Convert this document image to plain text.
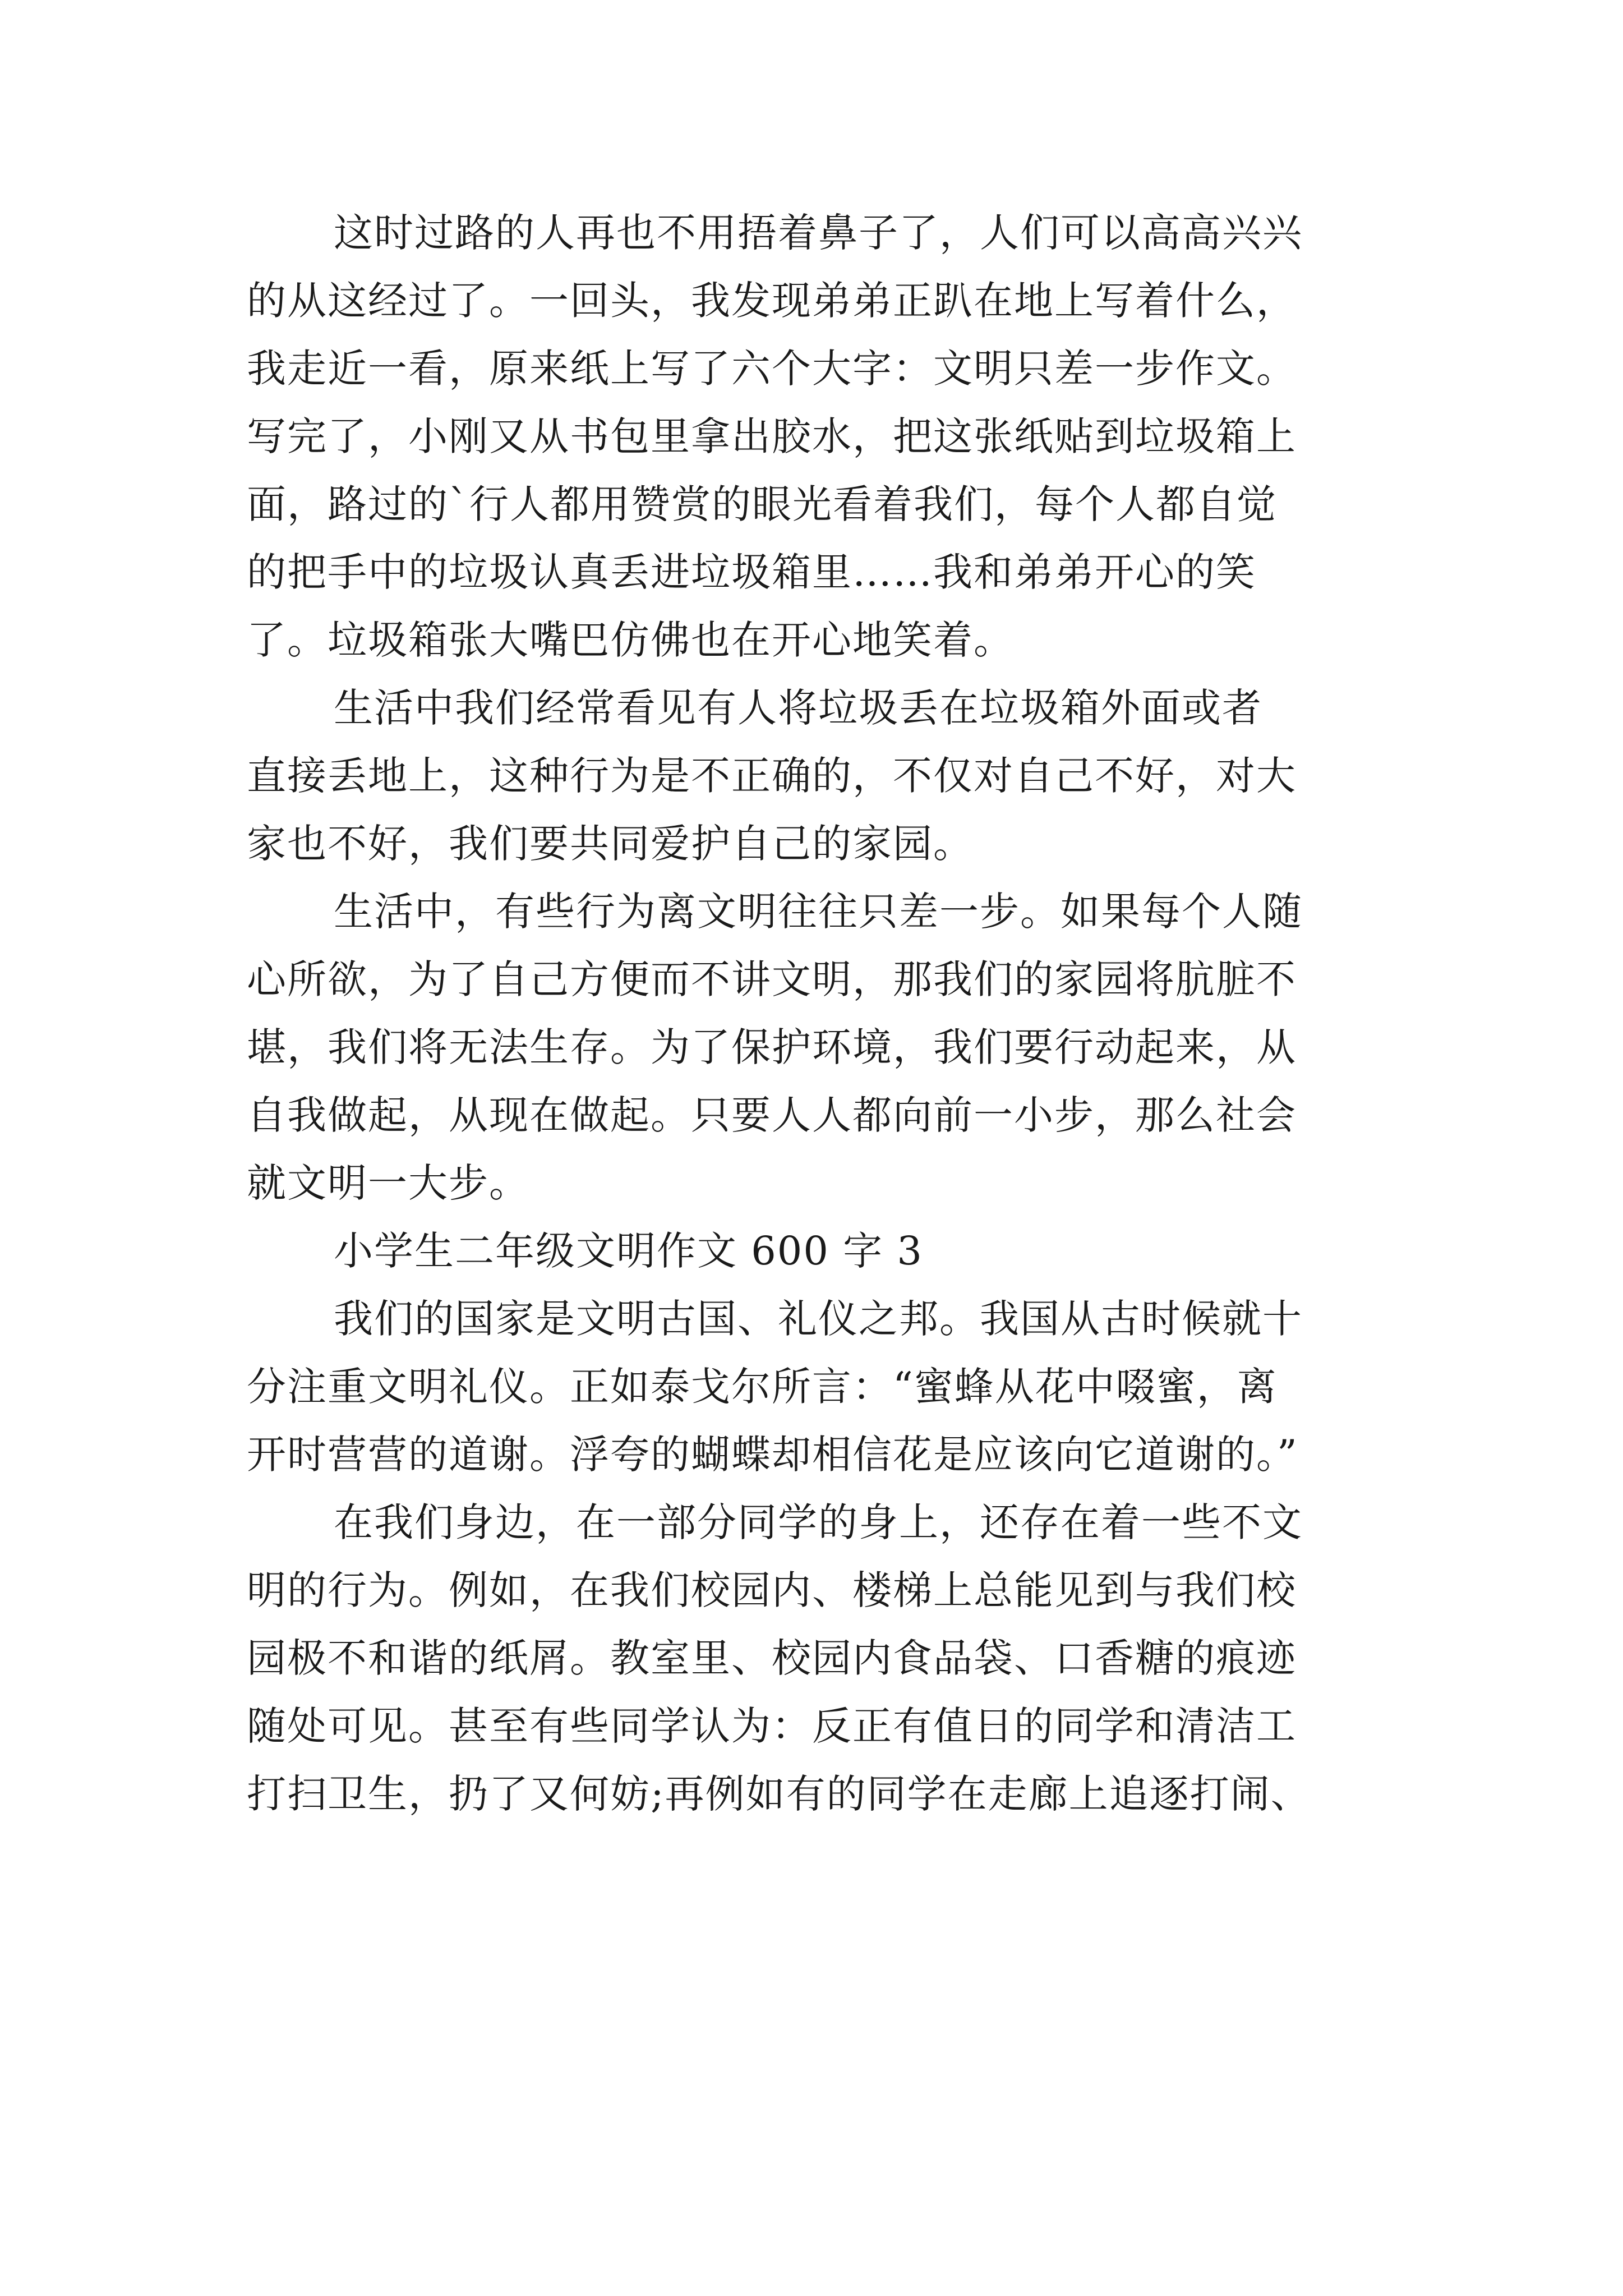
这时过路的人再也不用捂着鼻子了，人们可以高高兴兴
的从这经过了。一回头，我发现弟弟正趴在地上写着什么，
我走近一看，原来纸上写了六个大字：文明只差一步作文。
写完了，小刚又从书包里拿出胶水，把这张纸贴到垃圾箱上
面，路过的`行人都用赞赏的眼光看着我们，每个人都自觉
的把手中的垃圾认真丢进垃圾箱里……我和弟弟开心的笑
了。垃圾箱张大嘴巴仿佛也在开心地笑着。
生活中我们经常看见有人将垃圾丢在垃圾箱外面或者
直接丢地上，这种行为是不正确的，不仅对自己不好，对大
家也不好，我们要共同爱护自己的家园。
生活中，有些行为离文明往往只差一步。如果每个人随
心所欲，为了自己方便而不讲文明，那我们的家园将肮脏不
堪，我们将无法生存。为了保护环境，我们要行动起来，从
自我做起，从现在做起。只要人人都向前一小步，那么社会
就文明一大步。
小学生二年级文明作文 600 字 3
我们的国家是文明古国、礼仪之邦。我国从古时候就十
分注重文明礼仪。正如泰戈尔所言：“蜜蜂从花中啜蜜，离
开时营营的道谢。浮夸的蝴蝶却相信花是应该向它道谢的。”
在我们身边，在一部分同学的身上，还存在着一些不文
明的行为。例如，在我们校园内、楼梯上总能见到与我们校
园极不和谐的纸屑。教室里、校园内食品袋、口香糖的痕迹
随处可见。甚至有些同学认为：反正有值日的同学和清洁工
打扫卫生，扔了又何妨;再例如有的同学在走廊上追逐打闹、
